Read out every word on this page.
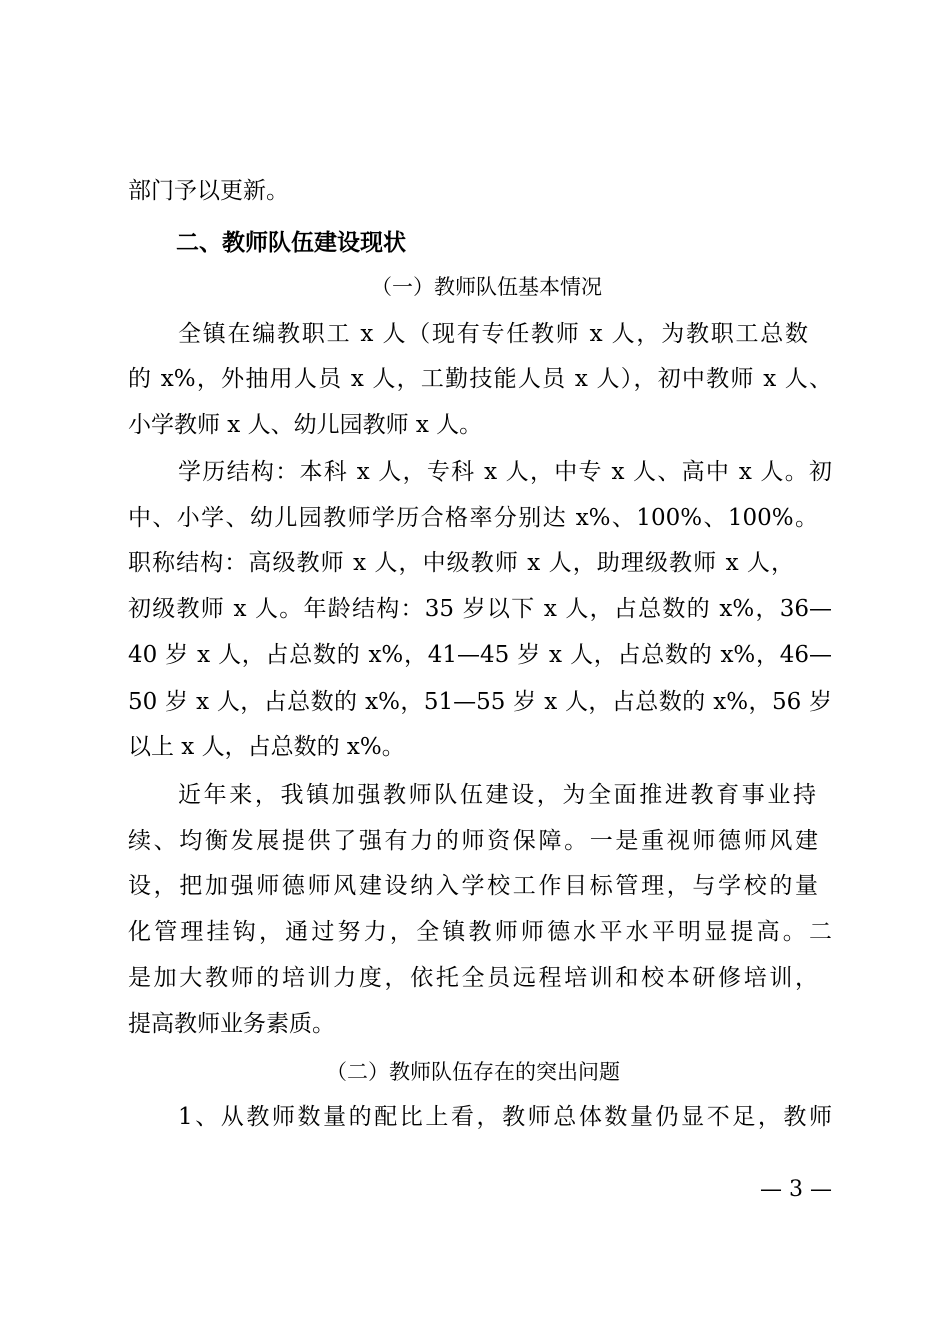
部门予以更新。
二、教师队伍建设现状
（一）教师队伍基本情况
全镇在编教职工 x 人（现有专任教师 x 人，为教职工总数
的 x%，外抽用人员 x 人，工勤技能人员 x 人），初中教师 x 人、
小学教师 x 人、幼儿园教师 x 人。
学历结构：本科 x 人，专科 x 人，中专 x 人、高中 x 人。初
中、小学、幼儿园教师学历合格率分别达 x%、100%、100%。
职称结构：高级教师 x 人，中级教师 x 人，助理级教师 x 人，
初级教师 x 人。年龄结构：35 岁以下 x 人，占总数的 x%，36—
40 岁 x 人，占总数的 x%，41—45 岁 x 人，占总数的 x%，46—
50 岁 x 人，占总数的 x%，51—55 岁 x 人，占总数的 x%，56 岁
以上 x 人，占总数的 x%。
近年来，我镇加强教师队伍建设，为全面推进教育事业持
续、均衡发展提供了强有力的师资保障。一是重视师德师风建
设，把加强师德师风建设纳入学校工作目标管理，与学校的量
化管理挂钩，通过努力，全镇教师师德水平水平明显提高。二
是加大教师的培训力度，依托全员远程培训和校本研修培训，
提高教师业务素质。
（二）教师队伍存在的突出问题
1、从教师数量的配比上看，教师总体数量仍显不足，教师
— 3 —
